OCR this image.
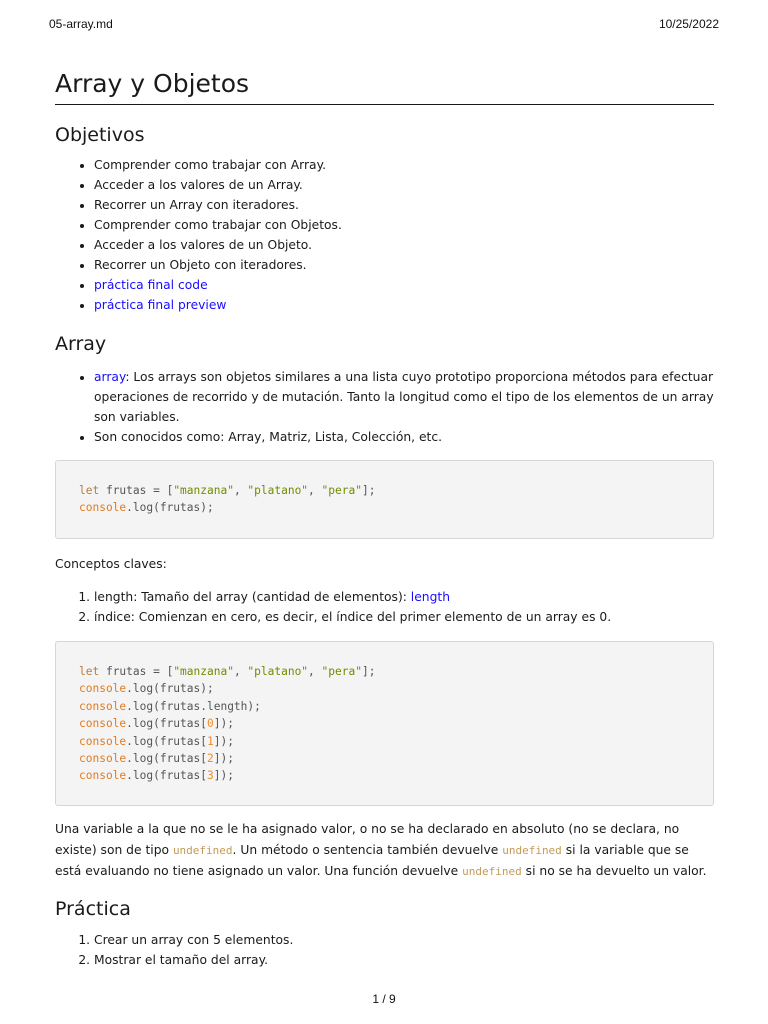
05-array.md	10/25/2022
Array y Objetos
Objetivos
• Comprender como trabajar con Array.
• Acceder a los valores de un Array.
• Recorrer un Array con iteradores.
• Comprender como trabajar con Objetos.
• Acceder a los valores de un Objeto.
• Recorrer un Objeto con iteradores.
• práctica final code
• práctica final preview
Array
• array: Los arrays son objetos similares a una lista cuyo prototipo proporciona métodos para efectuar operaciones de recorrido y de mutación. Tanto la longitud como el tipo de los elementos de un array son variables.
• Son conocidos como: Array, Matriz, Lista, Colección, etc.
let frutas = ["manzana", "platano", "pera"];
console.log(frutas);

Conceptos claves:

1. length: Tamaño del array (cantidad de elementos): length
2. índice: Comienzan en cero, es decir, el índice del primer elemento de un array es 0.
let frutas = ["manzana", "platano", "pera"];
console.log(frutas);
console.log(frutas.length);
console.log(frutas[0]);
console.log(frutas[1]);
console.log(frutas[2]);
console.log(frutas[3]);

Una variable a la que no se le ha asignado valor, o no se ha declarado en absoluto (no se declara, no existe) son de tipo undefined. Un método o sentencia también devuelve undefined si la variable que se está evaluando no tiene asignado un valor. Una función devuelve undefined si no se ha devuelto un valor.

Práctica
1. Crear un array con 5 elementos.
2. Mostrar el tamaño del array.
1 / 9
